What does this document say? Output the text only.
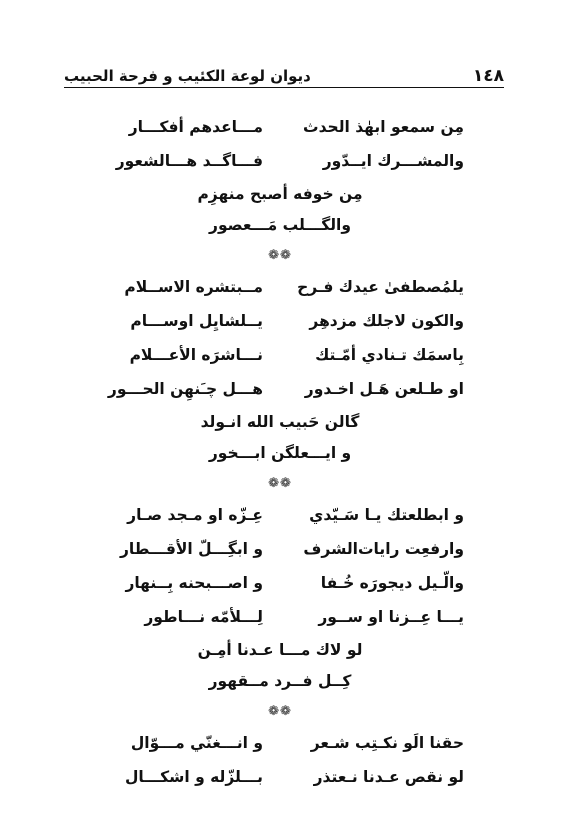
١٤٨
ديوان لوعة الكئيب و فرحة الحبيب
مِن سمعو ابهٰذ الحدث
مـــاعدهم أفكـــار
والمشـــرك ايــدّور
فـــاگــد هـــالشعور
مِن خوفه أصبح منهزِم
والگـــلب مَـــعصور
❁❁
يلمُصطفىٰ عيدك فـرح
مــبتشره الاســلام
والكون لاجلك مزدهِر
يــلشايِل اوســـام
بِاسمَك تـنادي أمّـتك
نـــاشرَه الأعـــلام
او طـلعن هَـل اخـدور
هـــل چـَنهِن الحـــور
گالن حَبيب الله انـولد
و ايـــعلگن ابـــخور
❁❁
و ابطلعتك يـا سَـيّدي
عِـزّه او مـجد صـار
وارفعِت رايات‌الشرف
و ابگِـــلّ الأقـــطار
والّـيل ديجورَه خُـفا
و اصـــبحنه بِــنهار
يـــا عِــزنا او ســور
لِـــلأمّه نـــاطور
لو لاك مـــا عـدنا أمِـن
كِــل فــرد مــقهور
❁❁
حقنا الَو نكـتِب شـعر
و انـــغنّي مـــوّال
لو نقص عـدنا نـعتذر
بـــلزّله و اشكـــال
